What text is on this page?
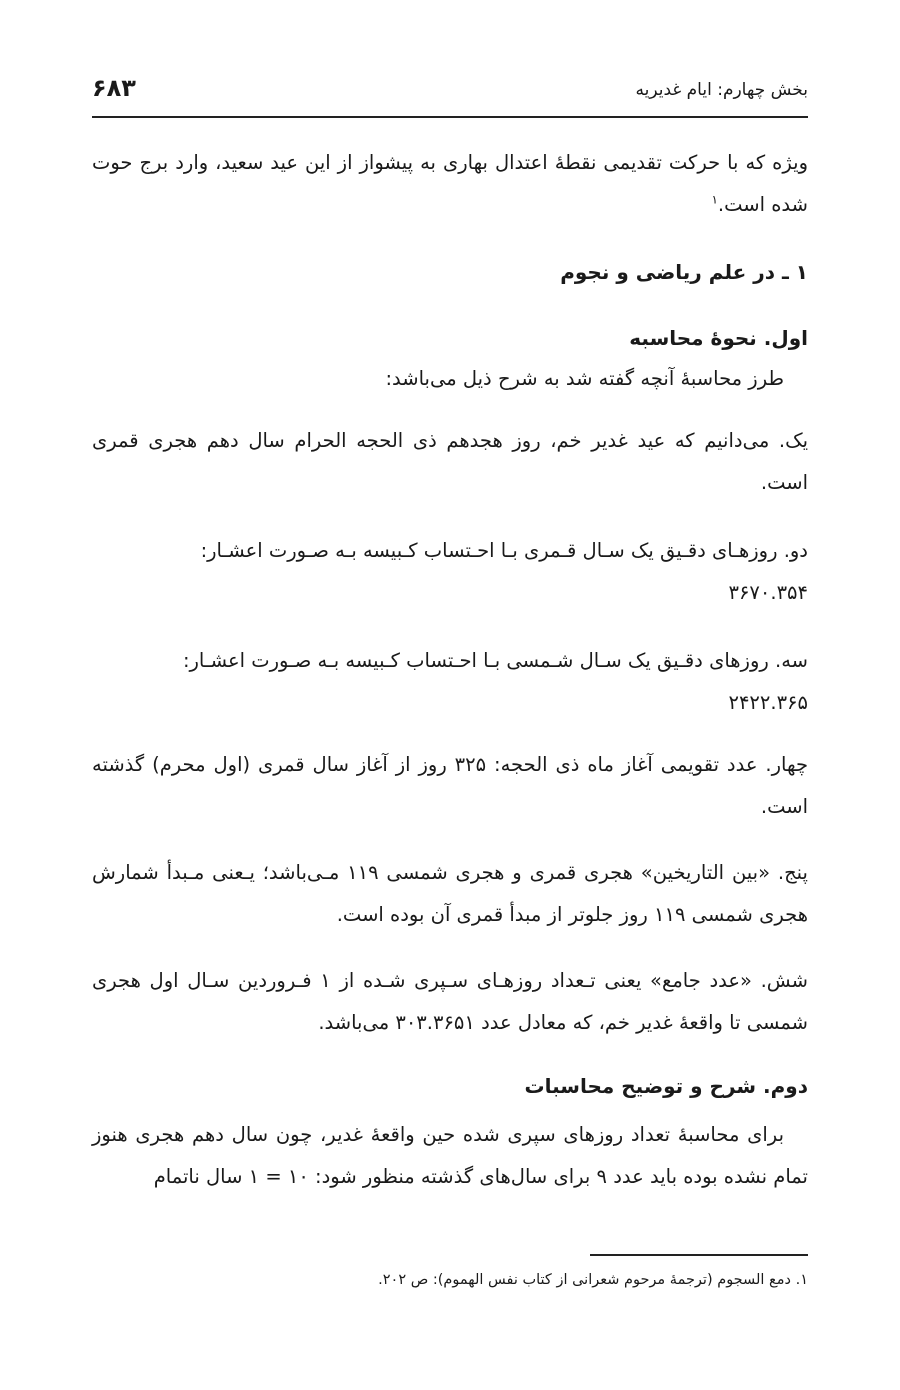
بخش چهارم: ایام غدیریه
۶۸۳

ویژه که با حرکت تقدیمی نقطهٔ اعتدال بهاری به پیشواز از این عید سعید، وارد برج حوت شده است.$^۱$

۱ ـ در علم ریاضی و نجوم

اول. نحوهٔ محاسبه

طرز محاسبهٔ آنچه گفته شد به شرح ذیل می‌باشد:

یک. می‌دانیم که عید غدیر خم، روز هجدهم ذی الحجه الحرام سال دهم هجری قمری است.

دو. روزهـای دقـیق یک سـال قـمری بـا احـتساب کـبیسه بـه صـورت اعشـار:

۳۶۷۰.۳۵۴

سه. روزهای دقـیق یک سـال شـمسی بـا احـتساب کـبیسه بـه صـورت اعشـار:

۲۴۲۲.۳۶۵

چهار. عدد تقویمی آغاز ماه ذی الحجه: ۳۲۵ روز از آغاز سال قمری (اول محرم) گذشته است.

پنج. «بین التاریخین» هجری قمری و هجری شمسی ۱۱۹ مـی‌باشد؛ یـعنی مـبدأ شمارش هجری شمسی ۱۱۹ روز جلوتر از مبدأ قمری آن بوده است.

شش. «عدد جامع» یعنی تـعداد روزهـای سـپری شـده از ۱ فـروردین سـال اول هجری شمسی تا واقعهٔ غدیر خم، که معادل عدد ۳۰۳.۳۶۵۱ می‌باشد.

دوم. شرح و توضیح محاسبات

برای محاسبهٔ تعداد روزهای سپری شده حین واقعهٔ غدیر، چون سال دهم هجری هنوز تمام نشده بوده باید عدد ۹ برای سال‌های گذشته منظور شود: ۱۰ = ۱ سال ناتمام

۱. دمع السجوم (ترجمهٔ مرحوم شعرانی از کتاب نفس الهموم): ص ۲۰۲.
